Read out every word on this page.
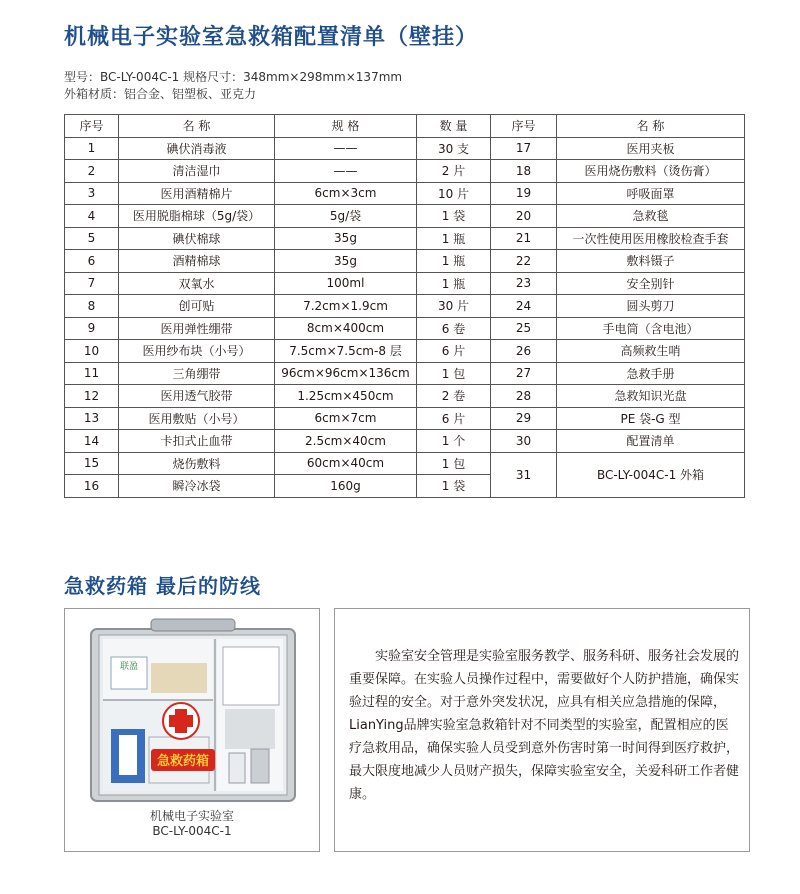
机械电子实验室急救箱配置清单（壁挂）
型号：BC-LY-004C-1 规格尺寸：348mm×298mm×137mm
外箱材质：铝合金、铝塑板、亚克力
序号	名 称	规 格	数 量	序号	名 称
1	碘伏消毒液	——	30 支	17	医用夹板
2	清洁湿巾	——	2 片	18	医用烧伤敷料（烫伤膏）
3	医用酒精棉片	6cm×3cm	10 片	19	呼吸面罩
4	医用脱脂棉球（5g/袋）	5g/袋	1 袋	20	急救毯
5	碘伏棉球	35g	1 瓶	21	一次性使用医用橡胶检查手套
6	酒精棉球	35g	1 瓶	22	敷料镊子
7	双氧水	100ml	1 瓶	23	安全别针
8	创可贴	7.2cm×1.9cm	30 片	24	圆头剪刀
9	医用弹性绷带	8cm×400cm	6 卷	25	手电筒（含电池）
10	医用纱布块（小号）	7.5cm×7.5cm-8 层	6 片	26	高频救生哨
11	三角绷带	96cm×96cm×136cm	1 包	27	急救手册
12	医用透气胶带	1.25cm×450cm	2 卷	28	急救知识光盘
13	医用敷贴（小号）	6cm×7cm	6 片	29	PE 袋-G 型
14	卡扣式止血带	2.5cm×40cm	1 个	30	配置清单
15	烧伤敷料	60cm×40cm	1 包	31	BC-LY-004C-1 外箱
16	瞬冷冰袋	160g	1 袋		
急救药箱 最后的防线
联盈
急救药箱
机械电子实验室
BC-LY-004C-1

实验室安全管理是实验室服务教学、服务科研、服务社会发展的重要保障。在实验人员操作过程中，需要做好个人防护措施，确保实验过程的安全。对于意外突发状况，应具有相关应急措施的保障，LianYing品牌实验室急救箱针对不同类型的实验室，配置相应的医疗急救用品，确保实验人员受到意外伤害时第一时间得到医疗救护，最大限度地减少人员财产损失，保障实验室安全，关爱科研工作者健康。
